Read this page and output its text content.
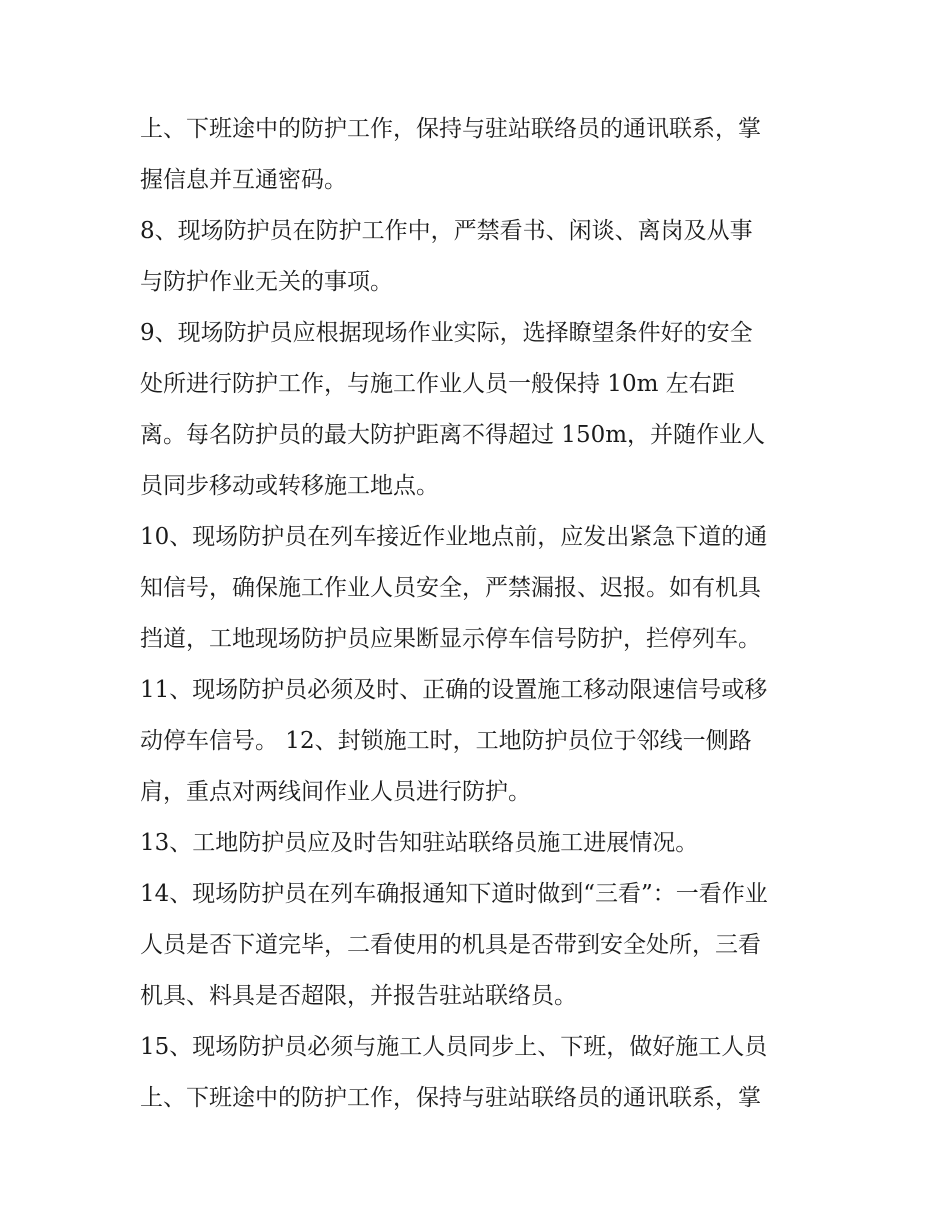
上、下班途中的防护工作，保持与驻站联络员的通讯联系，掌

握信息并互通密码。

8、现场防护员在防护工作中，严禁看书、闲谈、离岗及从事

与防护作业无关的事项。

9、现场防护员应根据现场作业实际，选择瞭望条件好的安全

处所进行防护工作，与施工作业人员一般保持 10m 左右距

离。每名防护员的最大防护距离不得超过 150m，并随作业人

员同步移动或转移施工地点。

10、现场防护员在列车接近作业地点前，应发出紧急下道的通

知信号，确保施工作业人员安全，严禁漏报、迟报。如有机具

挡道，工地现场防护员应果断显示停车信号防护，拦停列车。

11、现场防护员必须及时、正确的设置施工移动限速信号或移

动停车信号。 12、封锁施工时，工地防护员位于邻线一侧路

肩，重点对两线间作业人员进行防护。

13、工地防护员应及时告知驻站联络员施工进展情况。

14、现场防护员在列车确报通知下道时做到“三看”：一看作业

人员是否下道完毕，二看使用的机具是否带到安全处所，三看

机具、料具是否超限，并报告驻站联络员。

15、现场防护员必须与施工人员同步上、下班，做好施工人员

上、下班途中的防护工作，保持与驻站联络员的通讯联系，掌
